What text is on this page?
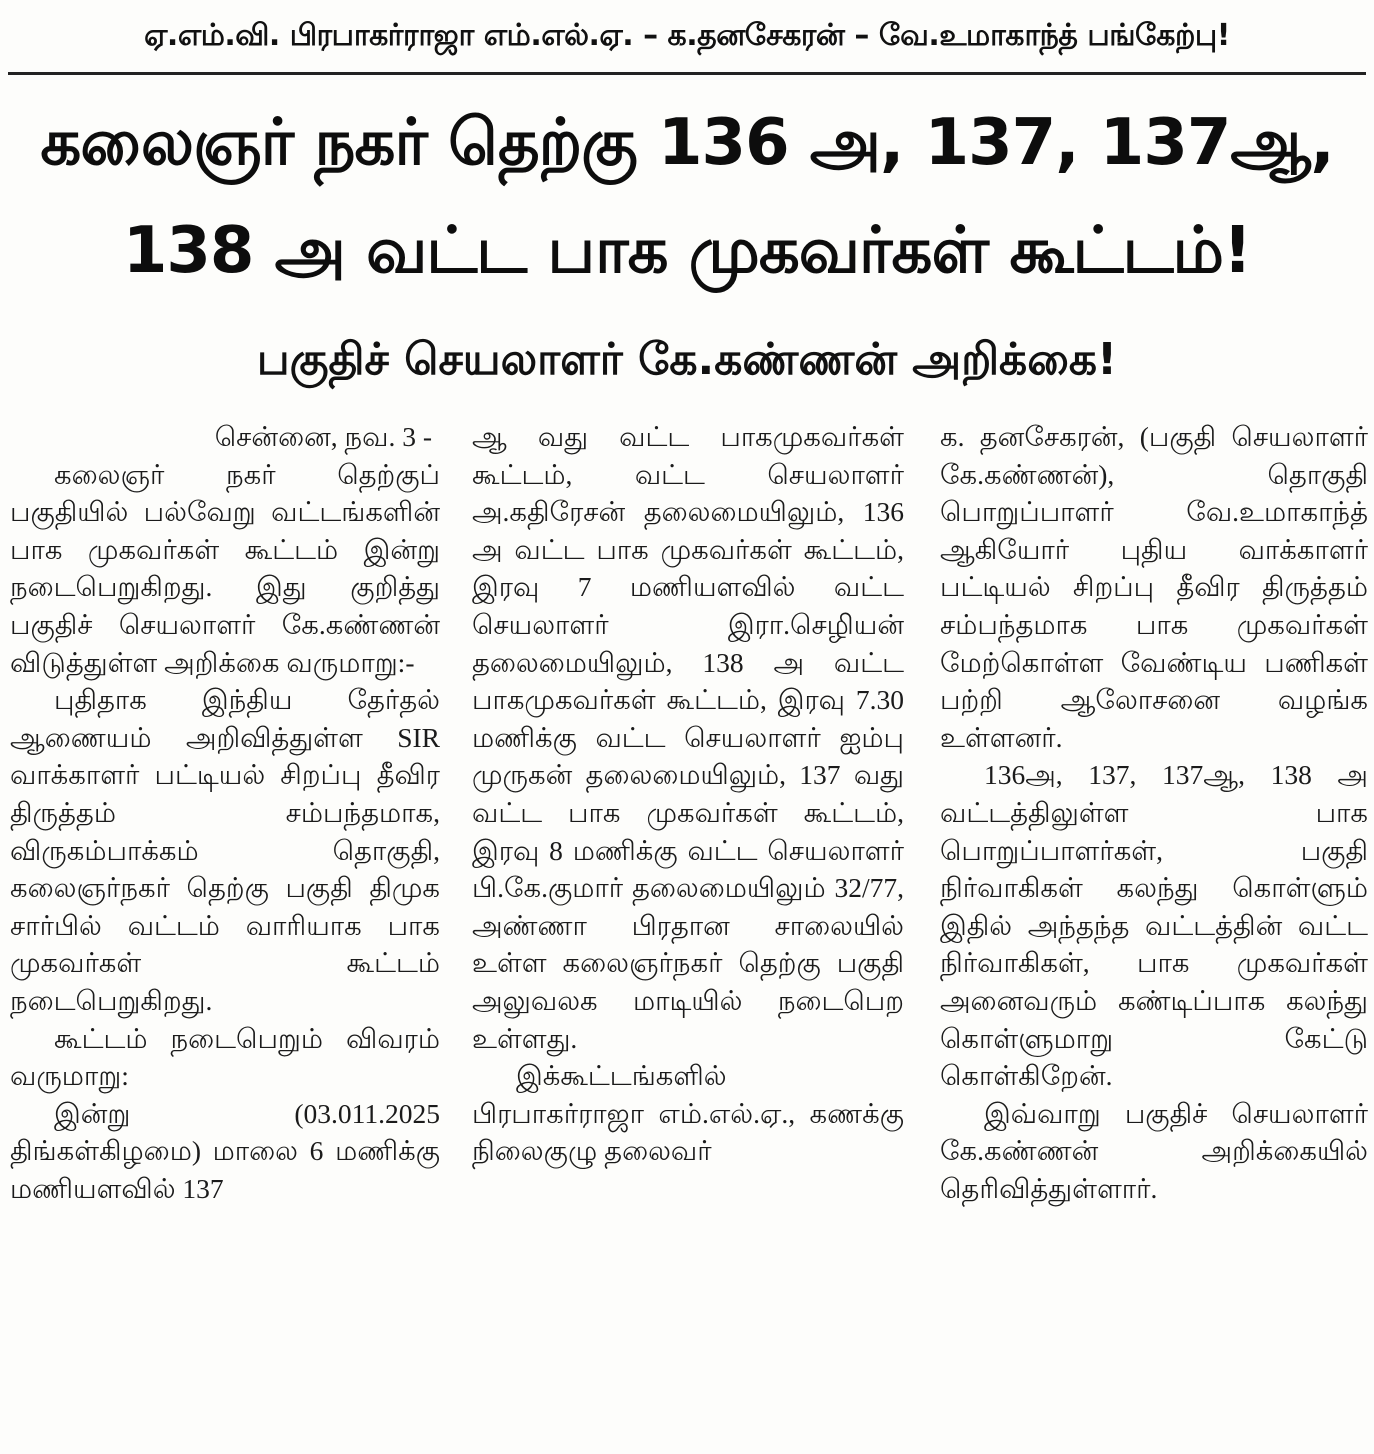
ஏ.எம்.வி. பிரபாகர்ராஜா எம்.எல்.ஏ. – க.தனசேகரன் – வே.உமாகாந்த் பங்கேற்பு!
கலைஞர் நகர் தெற்கு 136 அ, 137, 137ஆ,
138 அ வட்ட பாக முகவர்கள் கூட்டம்!
பகுதிச் செயலாளர் கே.கண்ணன் அறிக்கை!

சென்னை, நவ. 3 -

கலைஞர் நகர் தெற்குப் பகுதியில் பல்வேறு வட்டங்களின் பாக முகவர்கள் கூட்டம் இன்று நடைபெறுகிறது. இது குறித்து பகுதிச் செயலாளர் கே.கண்ணன் விடுத்துள்ள அறிக்கை வருமாறு:-

புதிதாக இந்திய தேர்தல் ஆணையம் அறிவித்துள்ள SIR வாக்காளர் பட்டியல் சிறப்பு தீவிர திருத்தம் சம்பந்தமாக, விருகம்பாக்கம் தொகுதி, கலைஞர்நகர் தெற்கு பகுதி திமுக சார்பில் வட்டம் வாரியாக பாக முகவர்கள் கூட்டம் நடைபெறுகிறது.

கூட்டம் நடைபெறும் விவரம் வருமாறு:

இன்று (03.011.2025 திங்கள்கிழமை) மாலை 6 மணிக்கு மணியளவில் 137

ஆ வது வட்ட பாகமுகவர்கள் கூட்டம், வட்ட செயலாளர் அ.கதிரேசன் தலைமையிலும், 136 அ வட்ட பாக முகவர்கள் கூட்டம், இரவு 7 மணியளவில் வட்ட செயலாளர் இரா.செழியன் தலைமையிலும், 138 அ வட்ட பாகமுகவர்கள் கூட்டம், இரவு 7.30 மணிக்கு வட்ட செயலாளர் ஐம்பு முருகன் தலைமையிலும், 137 வது வட்ட பாக முகவர்கள் கூட்டம், இரவு 8 மணிக்கு வட்ட செயலாளர் பி.கே.குமார் தலைமையிலும் 32/77, அண்ணா பிரதான சாலையில் உள்ள கலைஞர்நகர் தெற்கு பகுதி அலுவலக மாடியில் நடைபெற உள்ளது.

இக்கூட்டங்களில் பிரபாகர்ராஜா எம்.எல்.ஏ., கணக்கு நிலைகுழு தலைவர்

க. தனசேகரன், (பகுதி செயலாளர் கே.கண்ணன்), தொகுதி பொறுப்பாளர் வே.உமாகாந்த் ஆகியோர் புதிய வாக்காளர் பட்டியல் சிறப்பு தீவிர திருத்தம் சம்பந்தமாக பாக முகவர்கள் மேற்கொள்ள வேண்டிய பணிகள் பற்றி ஆலோசனை வழங்க உள்ளனர்.

136அ, 137, 137ஆ, 138 அ வட்டத்திலுள்ள பாக பொறுப்பாளர்கள், பகுதி நிர்வாகிகள் கலந்து கொள்ளும் இதில் அந்தந்த வட்டத்தின் வட்ட நிர்வாகிகள், பாக முகவர்கள் அனைவரும் கண்டிப்பாக கலந்து கொள்ளுமாறு கேட்டு கொள்கிறேன்.

இவ்வாறு பகுதிச் செயலாளர் கே.கண்ணன் அறிக்கையில் தெரிவித்துள்ளார்.
